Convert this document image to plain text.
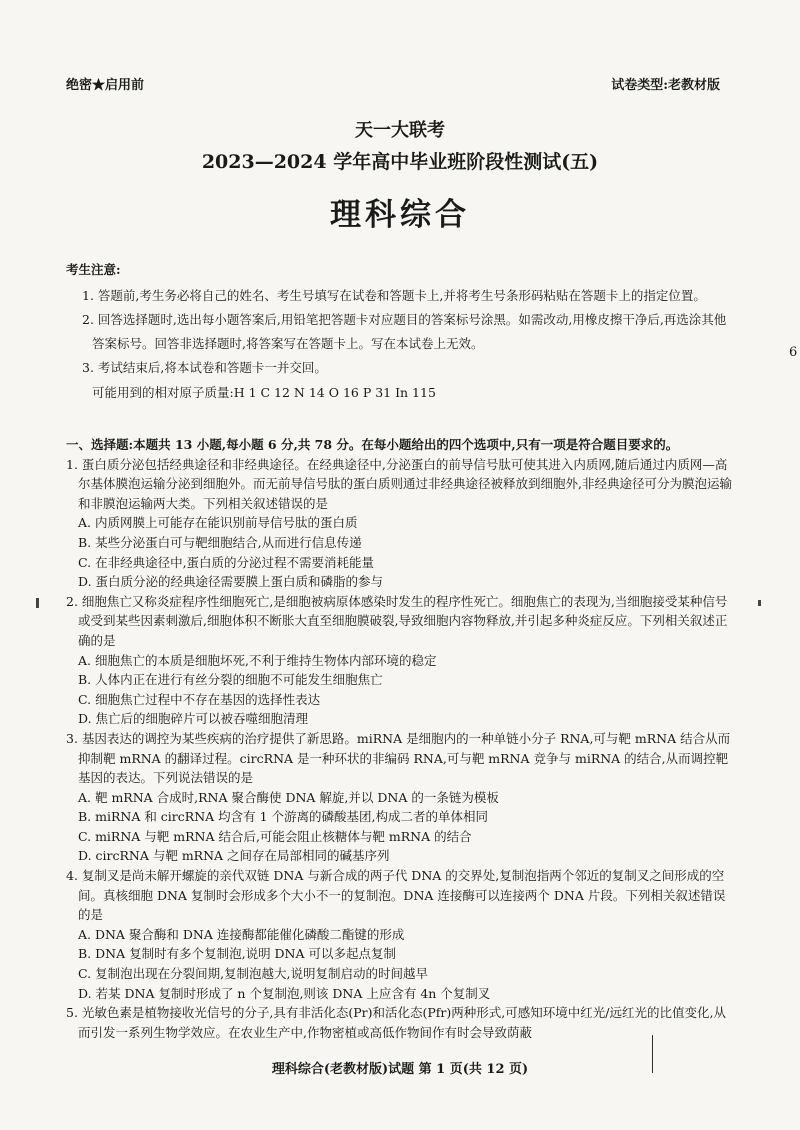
绝密★启用前	试卷类型:老教材版
天一大联考
2023—2024 学年高中毕业班阶段性测试(五)
理科综合
考生注意:
1. 答题前,考生务必将自己的姓名、考生号填写在试卷和答题卡上,并将考生号条形码粘贴在答题卡上的指定位置。
2. 回答选择题时,选出每小题答案后,用铅笔把答题卡对应题目的答案标号涂黑。如需改动,用橡皮擦干净后,再选涂其他答案标号。回答非选择题时,将答案写在答题卡上。写在本试卷上无效。
3. 考试结束后,将本试卷和答题卡一并交回。
可能用到的相对原子质量:H 1 C 12 N 14 O 16 P 31 In 115
一、选择题:本题共 13 小题,每小题 6 分,共 78 分。在每小题给出的四个选项中,只有一项是符合题目要求的。
1. 蛋白质分泌包括经典途径和非经典途径。在经典途径中,分泌蛋白的前导信号肽可使其进入内质网,随后通过内质网—高尔基体膜泡运输分泌到细胞外。而无前导信号肽的蛋白质则通过非经典途径被释放到细胞外,非经典途径可分为膜泡运输和非膜泡运输两大类。下列相关叙述错误的是
A. 内质网膜上可能存在能识别前导信号肽的蛋白质
B. 某些分泌蛋白可与靶细胞结合,从而进行信息传递
C. 在非经典途径中,蛋白质的分泌过程不需要消耗能量
D. 蛋白质分泌的经典途径需要膜上蛋白质和磷脂的参与
2. 细胞焦亡又称炎症程序性细胞死亡,是细胞被病原体感染时发生的程序性死亡。细胞焦亡的表现为,当细胞接受某种信号或受到某些因素刺激后,细胞体积不断胀大直至细胞膜破裂,导致细胞内容物释放,并引起多种炎症反应。下列相关叙述正确的是
A. 细胞焦亡的本质是细胞坏死,不利于维持生物体内部环境的稳定
B. 人体内正在进行有丝分裂的细胞不可能发生细胞焦亡
C. 细胞焦亡过程中不存在基因的选择性表达
D. 焦亡后的细胞碎片可以被吞噬细胞清理
3. 基因表达的调控为某些疾病的治疗提供了新思路。miRNA 是细胞内的一种单链小分子 RNA,可与靶 mRNA 结合从而抑制靶 mRNA 的翻译过程。circRNA 是一种环状的非编码 RNA,可与靶 mRNA 竞争与 miRNA 的结合,从而调控靶基因的表达。下列说法错误的是
A. 靶 mRNA 合成时,RNA 聚合酶使 DNA 解旋,并以 DNA 的一条链为模板
B. miRNA 和 circRNA 均含有 1 个游离的磷酸基团,构成二者的单体相同
C. miRNA 与靶 mRNA 结合后,可能会阻止核糖体与靶 mRNA 的结合
D. circRNA 与靶 mRNA 之间存在局部相同的碱基序列
4. 复制叉是尚未解开螺旋的亲代双链 DNA 与新合成的两子代 DNA 的交界处,复制泡指两个邻近的复制叉之间形成的空间。真核细胞 DNA 复制时会形成多个大小不一的复制泡。DNA 连接酶可以连接两个 DNA 片段。下列相关叙述错误的是
A. DNA 聚合酶和 DNA 连接酶都能催化磷酸二酯键的形成
B. DNA 复制时有多个复制泡,说明 DNA 可以多起点复制
C. 复制泡出现在分裂间期,复制泡越大,说明复制启动的时间越早
D. 若某 DNA 复制时形成了 n 个复制泡,则该 DNA 上应含有 4n 个复制叉
5. 光敏色素是植物接收光信号的分子,具有非活化态(Pr)和活化态(Pfr)两种形式,可感知环境中红光/远红光的比值变化,从而引发一系列生物学效应。在农业生产中,作物密植或高低作物间作有时会导致荫蔽
理科综合(老教材版)试题 第 1 页(共 12 页)
6
